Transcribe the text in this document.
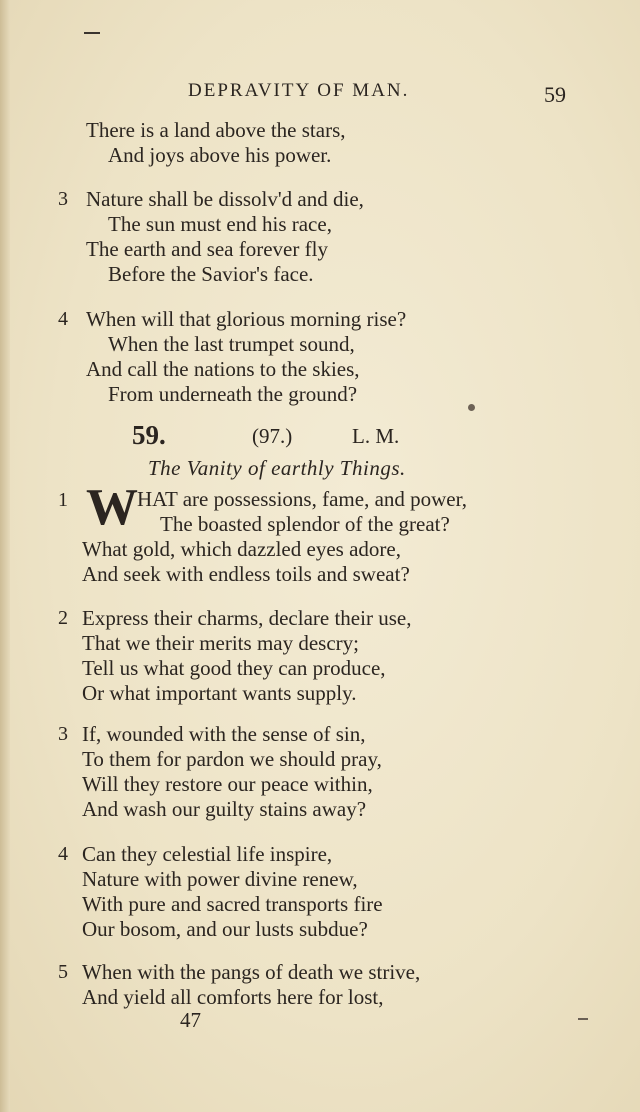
DEPRAVITY OF MAN.	59
There is a land above the stars,
And joys above his power.
3 Nature shall be dissolv'd and die,
The sun must end his race,
The earth and sea forever fly
Before the Savior's face.
4 When will that glorious morning rise?
When the last trumpet sound,
And call the nations to the skies,
From underneath the ground?
59.	(97.)	L. M.
The Vanity of earthly Things.
1 W HAT are possessions, fame, and power,
The boasted splendor of the great?
What gold, which dazzled eyes adore,
And seek with endless toils and sweat?
2 Express their charms, declare their use,
That we their merits may descry;
Tell us what good they can produce,
Or what important wants supply.
3 If, wounded with the sense of sin,
To them for pardon we should pray,
Will they restore our peace within,
And wash our guilty stains away?
4 Can they celestial life inspire,
Nature with power divine renew,
With pure and sacred transports fire
Our bosom, and our lusts subdue?
5 When with the pangs of death we strive,
And yield all comforts here for lost,
47
